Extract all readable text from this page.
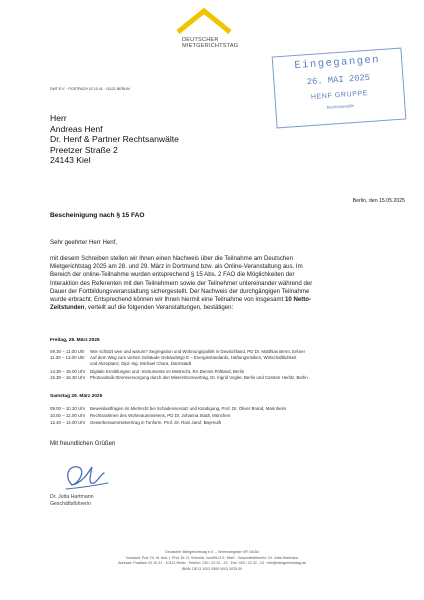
DEUTSCHER
MIETGERICHTSTAG
DMT E.V. · POSTFACH 02 10 41 · 10121 BERLIN
Eingegangen
26. MAI 2025
HENF GRUPPE
Rechtsanwälte
Herr
Andreas Henf
Dr. Henf & Partner Rechtsanwälte
Preetzer Straße 2
24143 Kiel
Berlin, den 15.05.2025
Bescheinigung nach § 15 FAO
Sehr geehrter Herr Henf,
mit diesem Schreiben stellen wir Ihnen einen Nachweis über die Teilnahme am Deutschen
Mietgerichtstag 2025 am 28. und 29. März in Dortmund bzw. als Online-Veranstaltung aus. Im
Bereich der online-Teilnahme wurden entsprechend § 15 Abs. 2 FAO die Möglichkeiten der
Interaktion des Referenten mit den Teilnehmern sowie der Teilnehmer untereinander während der
Dauer der Fortbildungsveranstaltung sichergestellt. Der Nachweis der durchgängigen Teilnahme
wurde erbracht. Entsprechend können wir Ihnen hiermit eine Teilnahme von insgesamt 10 Netto-
Zeitstunden, verteilt auf die folgenden Veranstaltungen, bestätigen:
Freitag, 28. März 2025
09.30 – 11.00 Uhr	Wer schützt wen und warum? Segregation und Wohnungspolitik in Deutschland, PD Dr. Matthias Bernt, Erkner
11.30 – 13.00 Uhr	Auf dem Weg zum vierten Gebäude Gebäudetyp E – Energiestandards, Haftungsrisiken, Wirtschaftlichkeit
und Akzeptanz, Dipl.-Ing. Michael Chara, Darmstadt
14.30 – 15.00 Uhr	Digitale Ermittlungen und -Instrumente im Mietrecht, RA Dennis Pöhland, Berlin
15.30 – 16.30 Uhr	Photovoltaik-Stromversorgung durch den Mieterstromvertrag, Dr. Ingrid Vogler, Berlin und Carsten Herlitz, Berlin
Samstag 29. März 2025
09.00 – 10.20 Uhr	Beweislastfragen im Mietrecht bei Schadensersatz und Kündigung, Prof. Dr. Oliver Brand, Mannheim
10.50 – 12.00 Uhr	Rechtsrahmen des Wohnraummietens, PD Dr. Johanna Stadt, München
12.40 – 14.00 Uhr	Gewerberaummietvertrag in Tonform, Prof. Dr. Rain Jaruf, Bayreuth
Mit freundlichen Grüßen
Dr. Jutta Hartmann
Geschäftsführerin
Deutscher Mietgerichtstag e.V. – Vereinsregister VR 18154
Vorstand: Prof. Dr. M. Artz, I. Prof. Dr. H. Schmidt, VorsRiLG E. Mieß · Geschäftsführerin: Dr. Jutta Hartmann
Adresse: Postfach 02 10 41 · 10121 Berlin · Telefon: 030 / 22 32 - 23 · Fax: 030 / 22 32 - 24 · info@mietgerichtstag.de
IBAN: DE13 1002 0500 0003 3025 00
